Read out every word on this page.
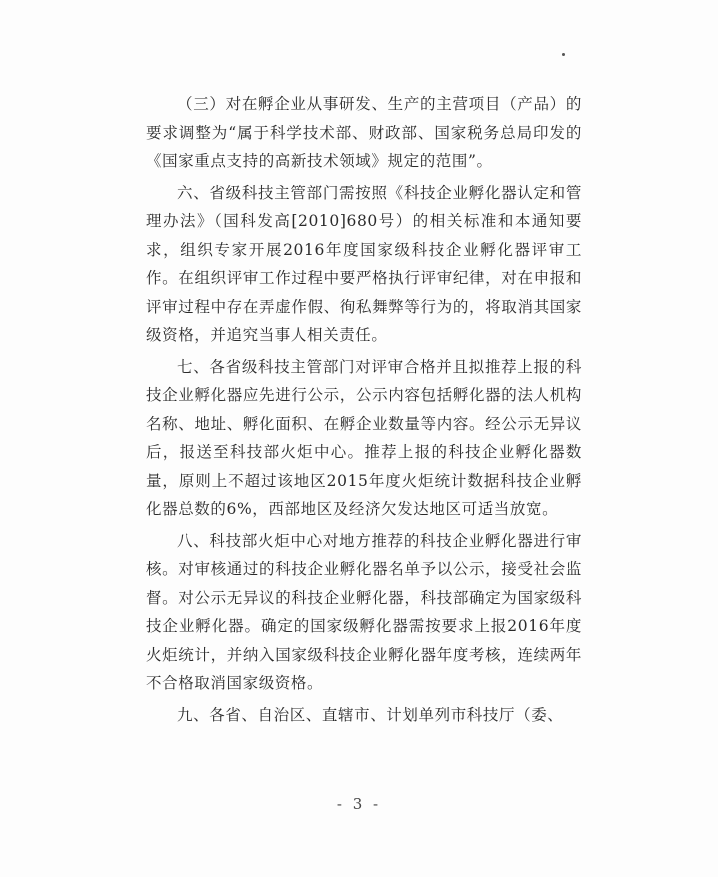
（三）对在孵企业从事研发、生产的主营项目（产品）的要求调整为“属于科学技术部、财政部、国家税务总局印发的《国家重点支持的高新技术领域》规定的范围”。

六、省级科技主管部门需按照《科技企业孵化器认定和管理办法》（国科发高[2010]680号）的相关标准和本通知要求，组织专家开展2016年度国家级科技企业孵化器评审工作。在组织评审工作过程中要严格执行评审纪律，对在申报和评审过程中存在弄虚作假、徇私舞弊等行为的，将取消其国家级资格，并追究当事人相关责任。

七、各省级科技主管部门对评审合格并且拟推荐上报的科技企业孵化器应先进行公示，公示内容包括孵化器的法人机构名称、地址、孵化面积、在孵企业数量等内容。经公示无异议后，报送至科技部火炬中心。推荐上报的科技企业孵化器数量，原则上不超过该地区2015年度火炬统计数据科技企业孵化器总数的6%，西部地区及经济欠发达地区可适当放宽。

八、科技部火炬中心对地方推荐的科技企业孵化器进行审核。对审核通过的科技企业孵化器名单予以公示，接受社会监督。对公示无异议的科技企业孵化器，科技部确定为国家级科技企业孵化器。确定的国家级孵化器需按要求上报2016年度火炬统计，并纳入国家级科技企业孵化器年度考核，连续两年不合格取消国家级资格。

九、各省、自治区、直辖市、计划单列市科技厅（委、

- 3 -
